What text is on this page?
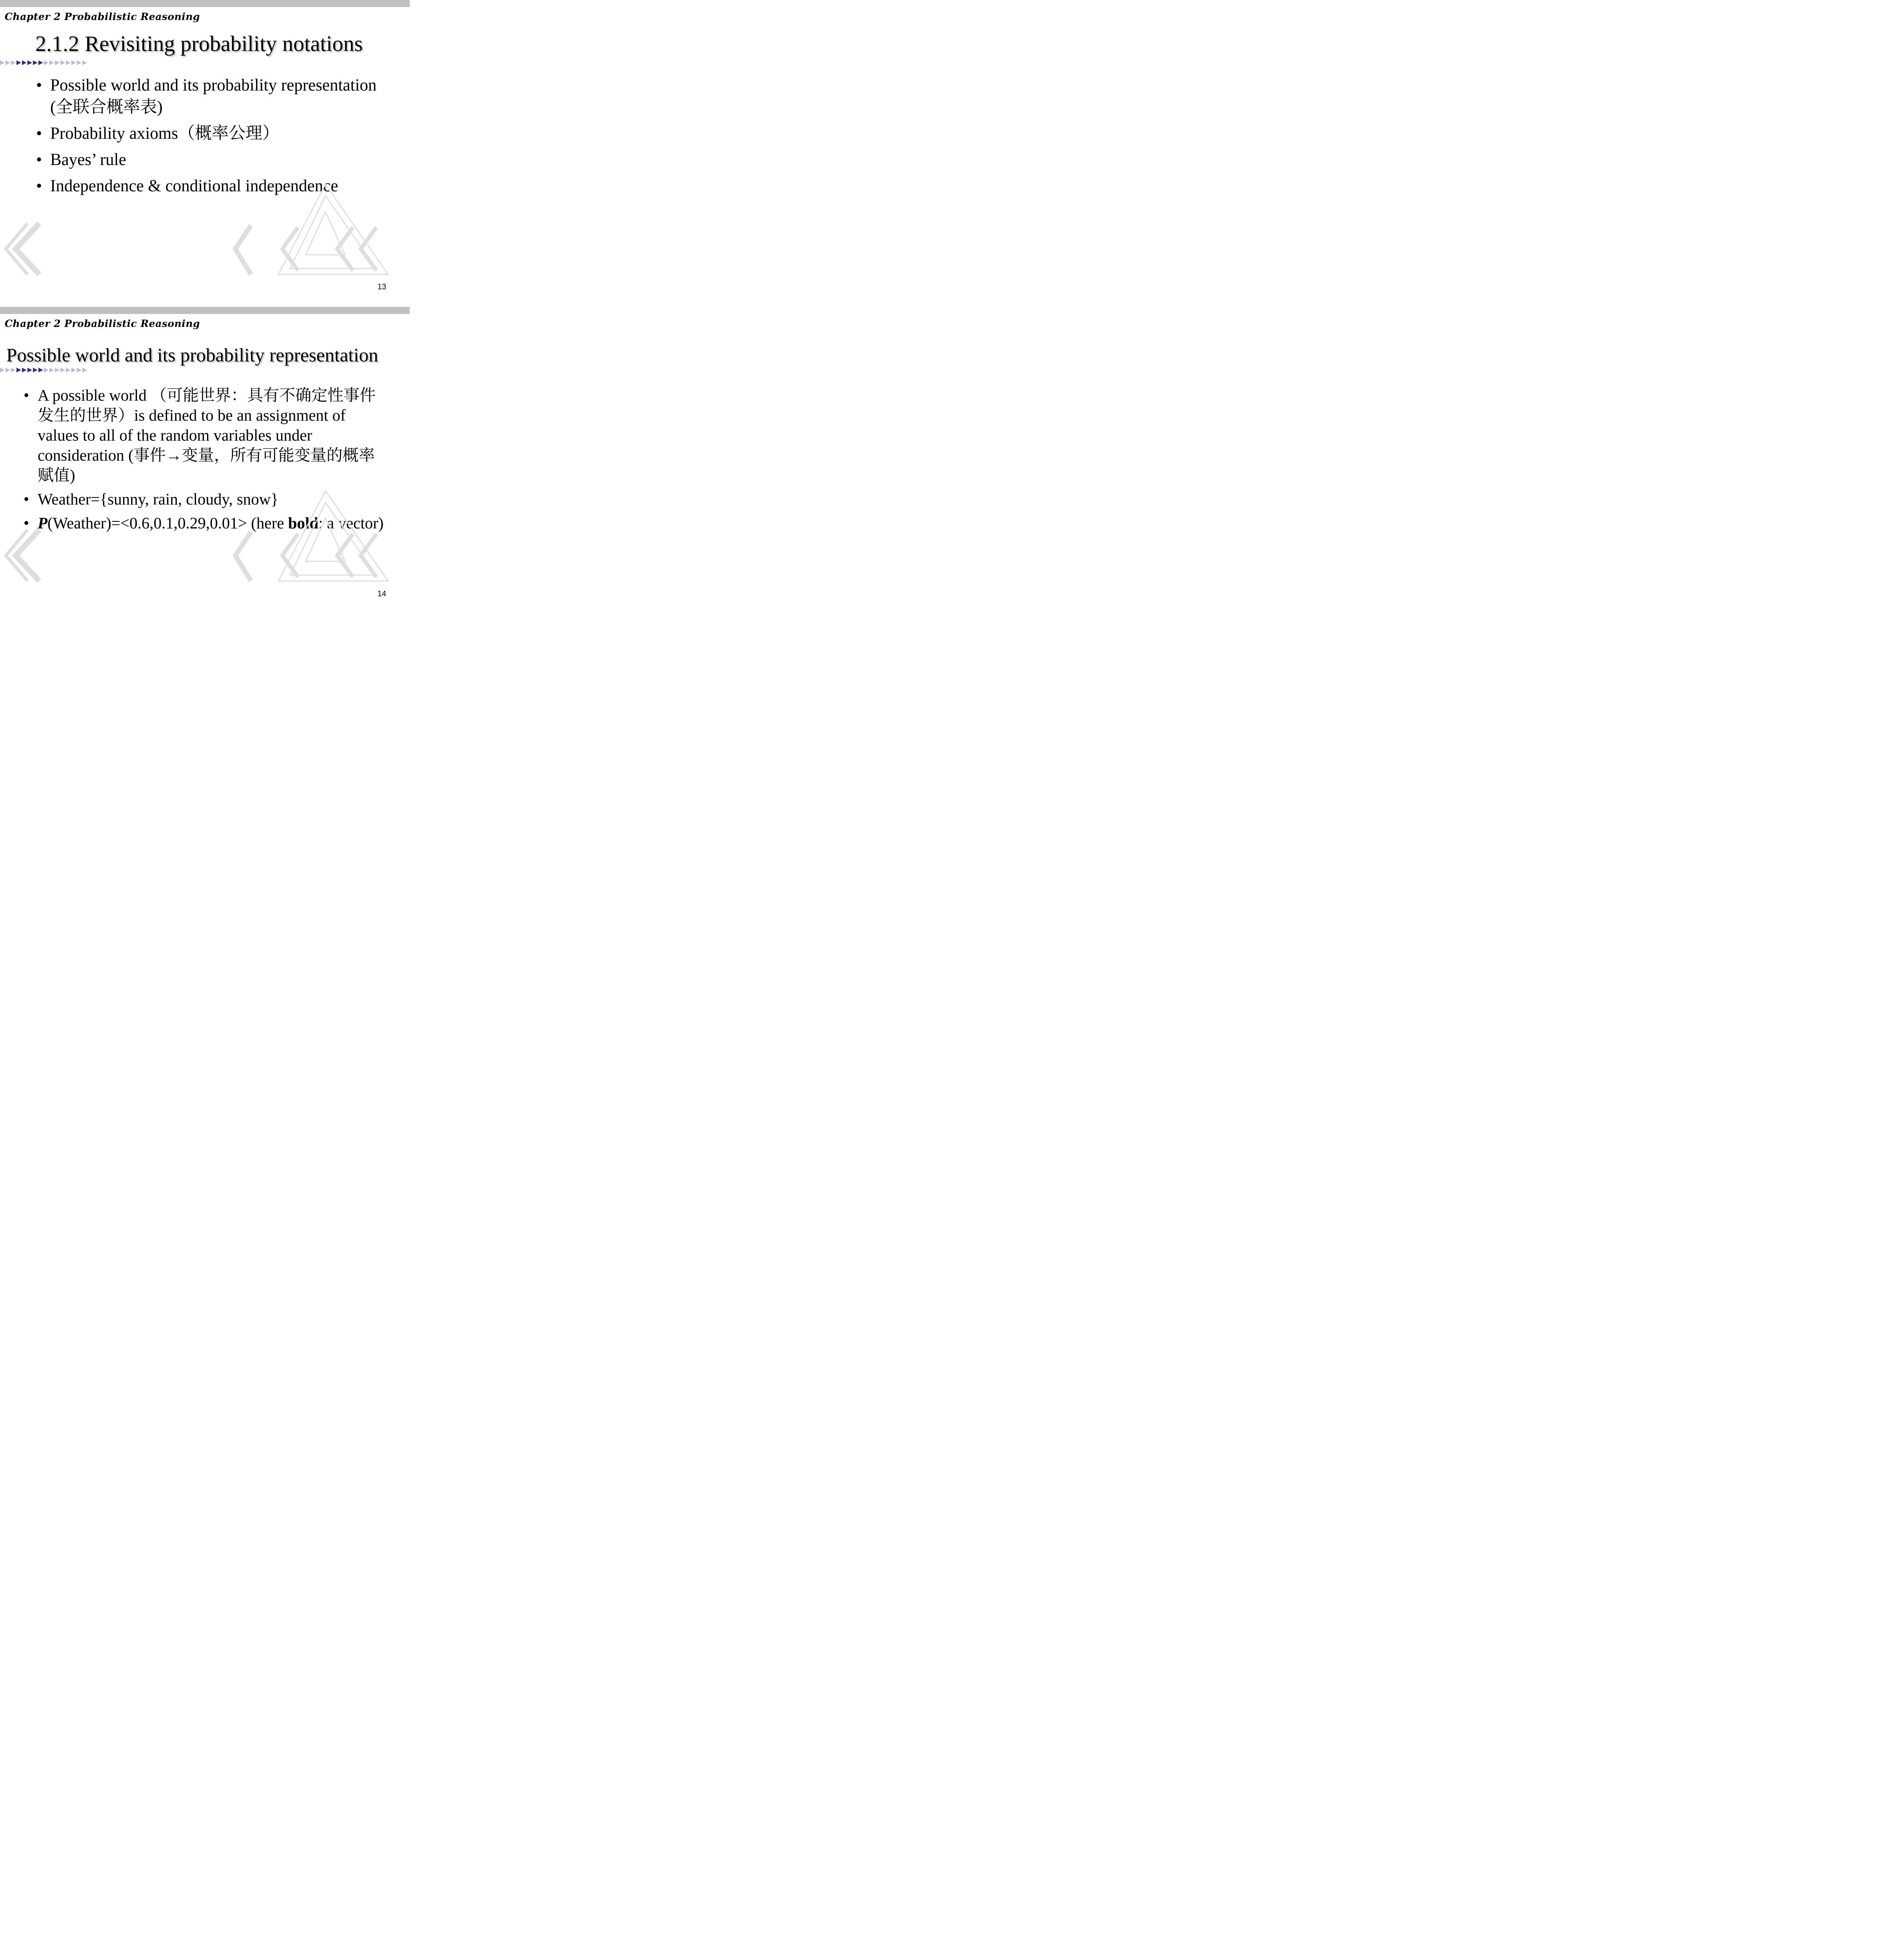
Chapter 2 Probabilistic Reasoning
2.1.2 Revisiting probability notations
• Possible world and its probability representation (全联合概率表)
• Probability axioms（概率公理）
• Bayes’ rule
• Independence & conditional independence
13
Chapter 2 Probabilistic Reasoning
Possible world and its probability representation
• A possible world （可能世界：具有不确定性事件发生的世界）is defined to be an assignment of values to all of the random variables under consideration (事件→变量，所有可能变量的概率赋值)
• Weather={sunny, rain, cloudy, snow}
• P(Weather)=<0.6,0.1,0.29,0.01> (here bold: a vector)
14
